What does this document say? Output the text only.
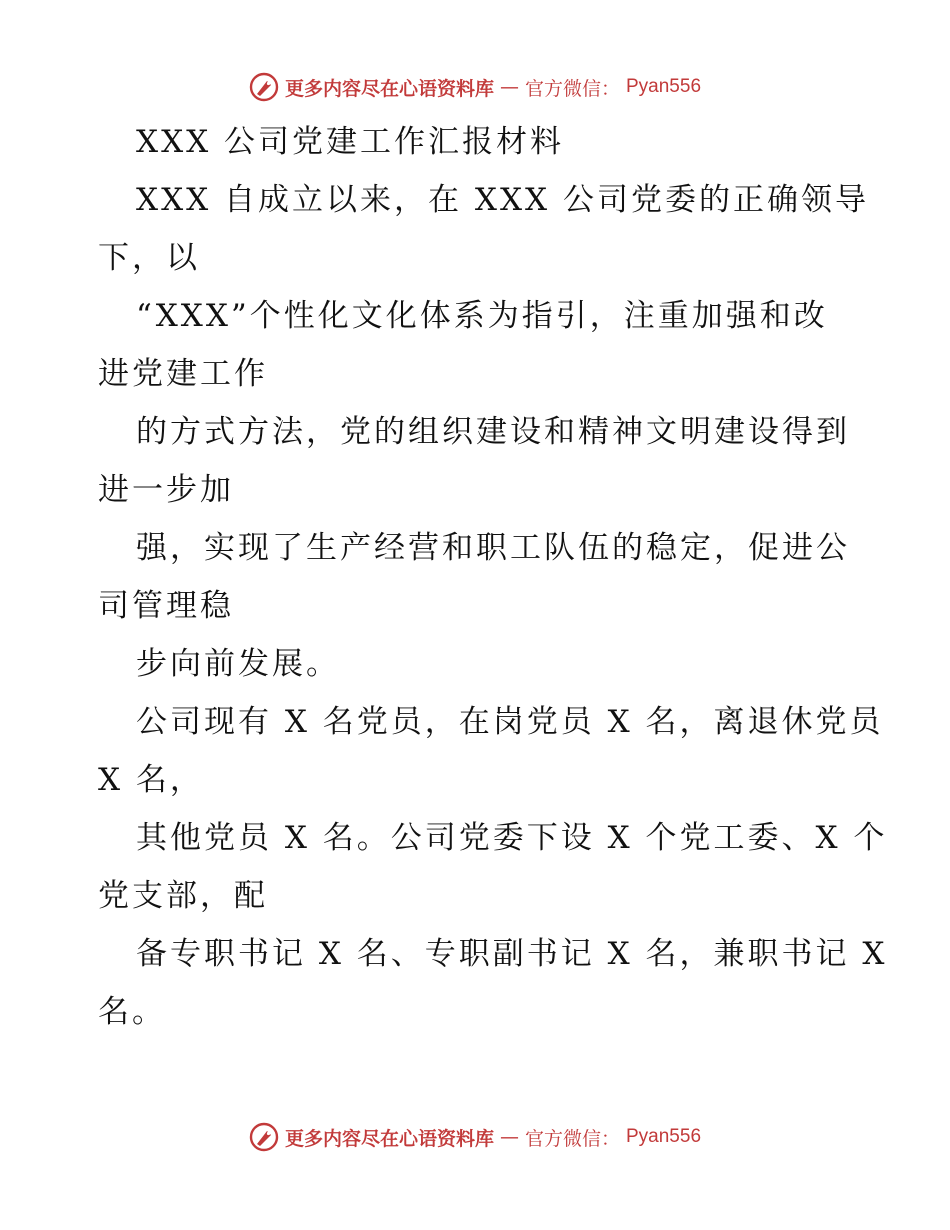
更多内容尽在心语资料库 — 官方微信： Pyan556
XXX 公司党建工作汇报材料
XXX 自成立以来，在 XXX 公司党委的正确领导
下，以
“XXX”个性化文化体系为指引，注重加强和改
进党建工作
的方式方法，党的组织建设和精神文明建设得到
进一步加
强，实现了生产经营和职工队伍的稳定，促进公
司管理稳
步向前发展。
公司现有 X 名党员，在岗党员 X 名，离退休党员
X 名，
其他党员 X 名。公司党委下设 X 个党工委、X 个
党支部，配
备专职书记 X 名、专职副书记 X 名，兼职书记 X
名。
更多内容尽在心语资料库 — 官方微信： Pyan556
